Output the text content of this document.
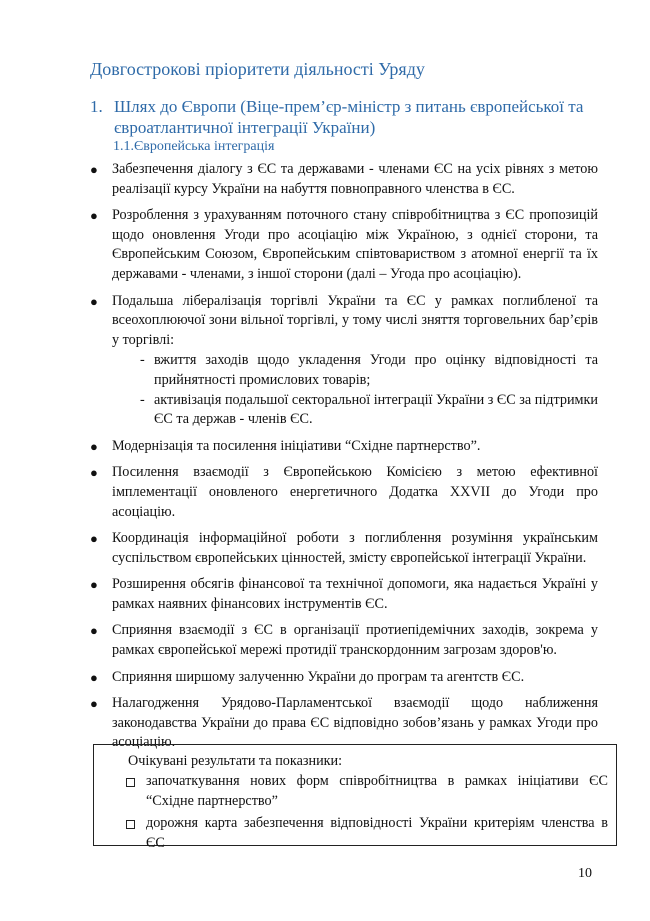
Довгострокові пріоритети діяльності Уряду
1. Шлях до Європи (Віце-прем’єр-міністр з питань європейської та євроатлантичної інтеграції України)
1.1.Європейська інтеграція
● Забезпечення діалогу з ЄС та державами - членами ЄС на усіх рівнях з метою реалізації курсу України на набуття повноправного членства в ЄС.
● Розроблення з урахуванням поточного стану співробітництва з ЄС пропозицій щодо оновлення Угоди про асоціацію між Україною, з однієї сторони, та Європейським Союзом, Європейським співтовариством з атомної енергії та їх державами - членами, з іншої сторони (далі – Угода про асоціацію).
● Подальша лібералізація торгівлі України та ЄС у рамках поглибленої та всеохоплюючої зони вільної торгівлі, у тому числі зняття торговельних бар’єрів у торгівлі:
- вжиття заходів щодо укладення Угоди про оцінку відповідності та прийнятності промислових товарів;
- активізація подальшої секторальної інтеграції України з ЄС за підтримки ЄС та держав - членів ЄС.
● Модернізація та посилення ініціативи “Східне партнерство”.
● Посилення взаємодії з Європейською Комісією з метою ефективної імплементації оновленого енергетичного Додатка XXVII до Угоди про асоціацію.
● Координація інформаційної роботи з поглиблення розуміння українським суспільством європейських цінностей, змісту європейської інтеграції України.
● Розширення обсягів фінансової та технічної допомоги, яка надається Україні у рамках наявних фінансових інструментів ЄС.
● Сприяння взаємодії з ЄС в організації протиепідемічних заходів, зокрема у рамках європейської мережі протидії транскордонним загрозам здоров'ю.
● Сприяння ширшому залученню України до програм та агентств ЄС.
● Налагодження Урядово-Парламентської взаємодії щодо наближення законодавства України до права ЄС відповідно зобов’язань у рамках Угоди про асоціацію.
Очікувані результати та показники:
започаткування нових форм співробітництва в рамках ініціативи ЄС “Східне партнерство”
дорожня карта забезпечення відповідності України критеріям членства в ЄС
10
